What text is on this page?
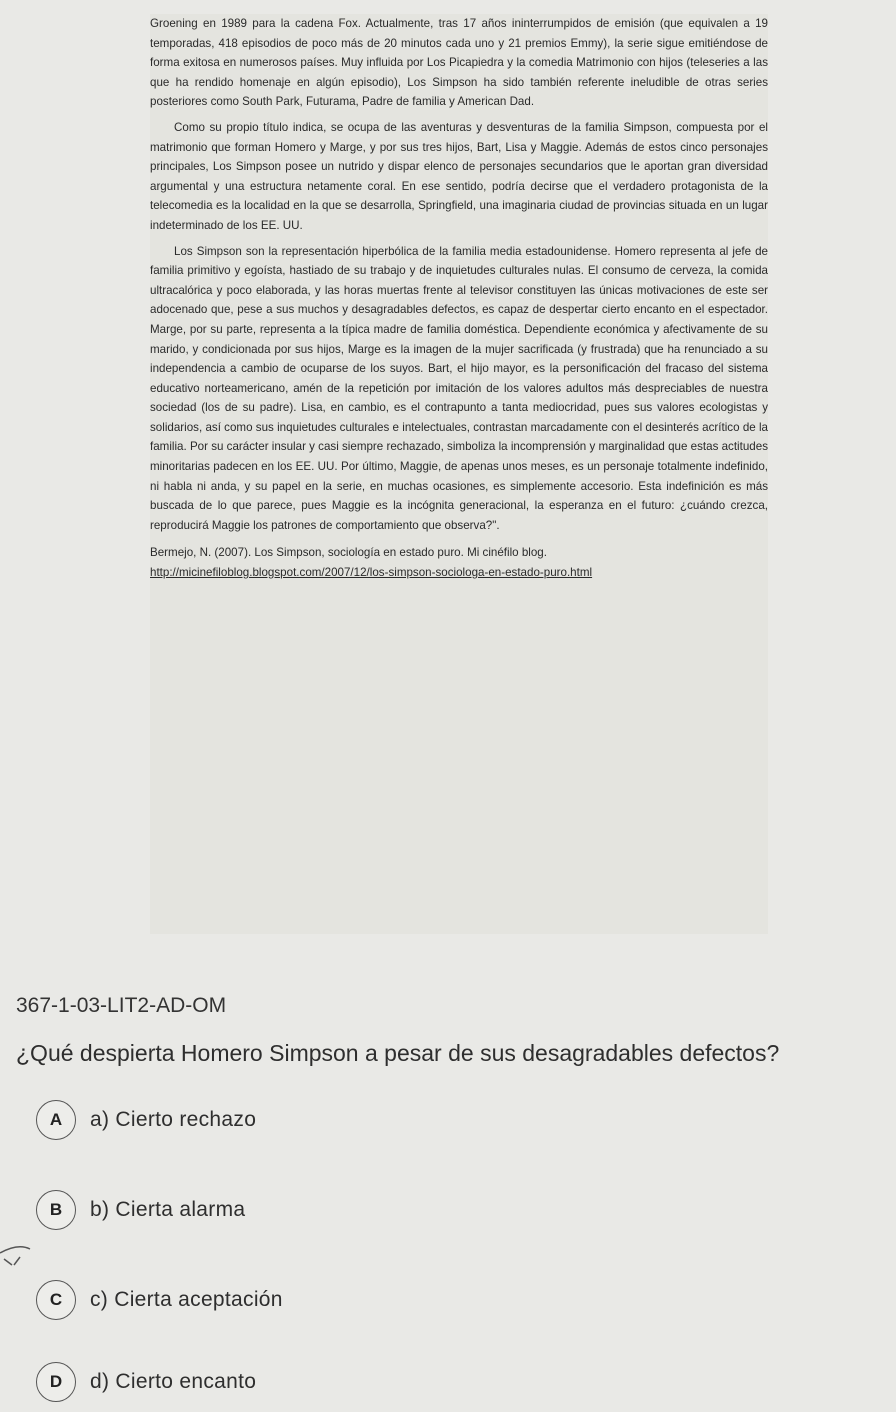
Groening en 1989 para la cadena Fox. Actualmente, tras 17 años ininterrumpidos de emisión (que equivalen a 19 temporadas, 418 episodios de poco más de 20 minutos cada uno y 21 premios Emmy), la serie sigue emitiéndose de forma exitosa en numerosos países. Muy influida por Los Picapiedra y la comedia Matrimonio con hijos (teleseries a las que ha rendido homenaje en algún episodio), Los Simpson ha sido también referente ineludible de otras series posteriores como South Park, Futurama, Padre de familia y American Dad.

Como su propio título indica, se ocupa de las aventuras y desventuras de la familia Simpson, compuesta por el matrimonio que forman Homero y Marge, y por sus tres hijos, Bart, Lisa y Maggie. Además de estos cinco personajes principales, Los Simpson posee un nutrido y dispar elenco de personajes secundarios que le aportan gran diversidad argumental y una estructura netamente coral. En ese sentido, podría decirse que el verdadero protagonista de la telecomedia es la localidad en la que se desarrolla, Springfield, una imaginaria ciudad de provincias situada en un lugar indeterminado de los EE. UU.

Los Simpson son la representación hiperbólica de la familia media estadounidense. Homero representa al jefe de familia primitivo y egoísta, hastiado de su trabajo y de inquietudes culturales nulas. El consumo de cerveza, la comida ultracalórica y poco elaborada, y las horas muertas frente al televisor constituyen las únicas motivaciones de este ser adocenado que, pese a sus muchos y desagradables defectos, es capaz de despertar cierto encanto en el espectador. Marge, por su parte, representa a la típica madre de familia doméstica. Dependiente económica y afectivamente de su marido, y condicionada por sus hijos, Marge es la imagen de la mujer sacrificada (y frustrada) que ha renunciado a su independencia a cambio de ocuparse de los suyos. Bart, el hijo mayor, es la personificación del fracaso del sistema educativo norteamericano, amén de la repetición por imitación de los valores adultos más despreciables de nuestra sociedad (los de su padre). Lisa, en cambio, es el contrapunto a tanta mediocridad, pues sus valores ecologistas y solidarios, así como sus inquietudes culturales e intelectuales, contrastan marcadamente con el desinterés acrítico de la familia. Por su carácter insular y casi siempre rechazado, simboliza la incomprensión y marginalidad que estas actitudes minoritarias padecen en los EE. UU. Por último, Maggie, de apenas unos meses, es un personaje totalmente indefinido, ni habla ni anda, y su papel en la serie, en muchas ocasiones, es simplemente accesorio. Esta indefinición es más buscada de lo que parece, pues Maggie es la incógnita generacional, la esperanza en el futuro: ¿cuándo crezca, reproducirá Maggie los patrones de comportamiento que observa?".

Bermejo, N. (2007). Los Simpson, sociología en estado puro. Mi cinéfilo blog.
http://micinefiloblog.blogspot.com/2007/12/los-simpson-sociologa-en-estado-puro.html
367-1-03-LIT2-AD-OM
¿Qué despierta Homero Simpson a pesar de sus desagradables defectos?
A	a) Cierto rechazo
B	b) Cierta alarma
C	c) Cierta aceptación
D	d) Cierto encanto
